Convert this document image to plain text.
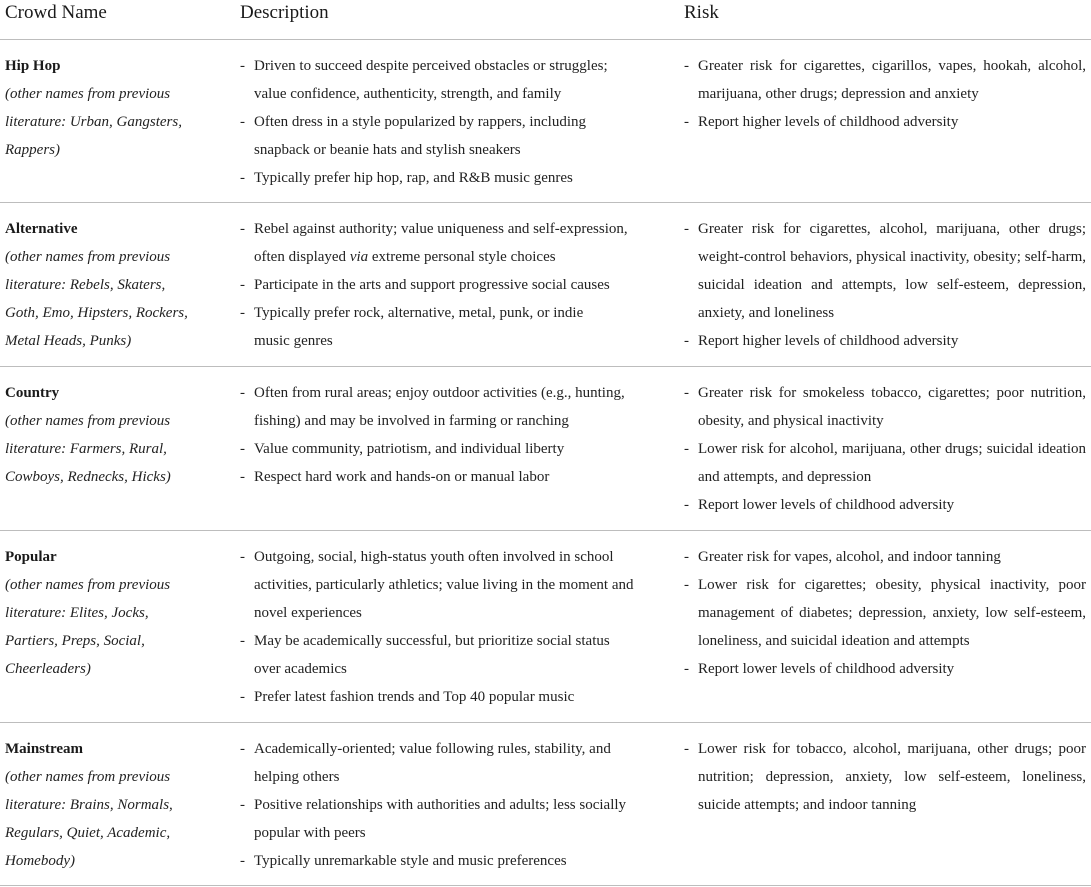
Crowd Name	Description	Risk
Hip Hop
(other names from previous literature: Urban, Gangsters, Rappers)
- Driven to succeed despite perceived obstacles or struggles; value confidence, authenticity, strength, and family
- Often dress in a style popularized by rappers, including snapback or beanie hats and stylish sneakers
- Typically prefer hip hop, rap, and R&B music genres
- Greater risk for cigarettes, cigarillos, vapes, hookah, alcohol, marijuana, other drugs; depression and anxiety
- Report higher levels of childhood adversity
Alternative
(other names from previous literature: Rebels, Skaters, Goth, Emo, Hipsters, Rockers, Metal Heads, Punks)
- Rebel against authority; value uniqueness and self-expression, often displayed via extreme personal style choices
- Participate in the arts and support progressive social causes
- Typically prefer rock, alternative, metal, punk, or indie music genres
- Greater risk for cigarettes, alcohol, marijuana, other drugs; weight-control behaviors, physical inactivity, obesity; self-harm, suicidal ideation and attempts, low self-esteem, depression, anxiety, and loneliness
- Report higher levels of childhood adversity
Country
(other names from previous literature: Farmers, Rural, Cowboys, Rednecks, Hicks)
- Often from rural areas; enjoy outdoor activities (e.g., hunting, fishing) and may be involved in farming or ranching
- Value community, patriotism, and individual liberty
- Respect hard work and hands-on or manual labor
- Greater risk for smokeless tobacco, cigarettes; poor nutrition, obesity, and physical inactivity
- Lower risk for alcohol, marijuana, other drugs; suicidal ideation and attempts, and depression
- Report lower levels of childhood adversity
Popular
(other names from previous literature: Elites, Jocks, Partiers, Preps, Social, Cheerleaders)
- Outgoing, social, high-status youth often involved in school activities, particularly athletics; value living in the moment and novel experiences
- May be academically successful, but prioritize social status over academics
- Prefer latest fashion trends and Top 40 popular music
- Greater risk for vapes, alcohol, and indoor tanning
- Lower risk for cigarettes; obesity, physical inactivity, poor management of diabetes; depression, anxiety, low self-esteem, loneliness, and suicidal ideation and attempts
- Report lower levels of childhood adversity
Mainstream
(other names from previous literature: Brains, Normals, Regulars, Quiet, Academic, Homebody)
- Academically-oriented; value following rules, stability, and helping others
- Positive relationships with authorities and adults; less socially popular with peers
- Typically unremarkable style and music preferences
- Lower risk for tobacco, alcohol, marijuana, other drugs; poor nutrition; depression, anxiety, low self-esteem, loneliness, suicide attempts; and indoor tanning
